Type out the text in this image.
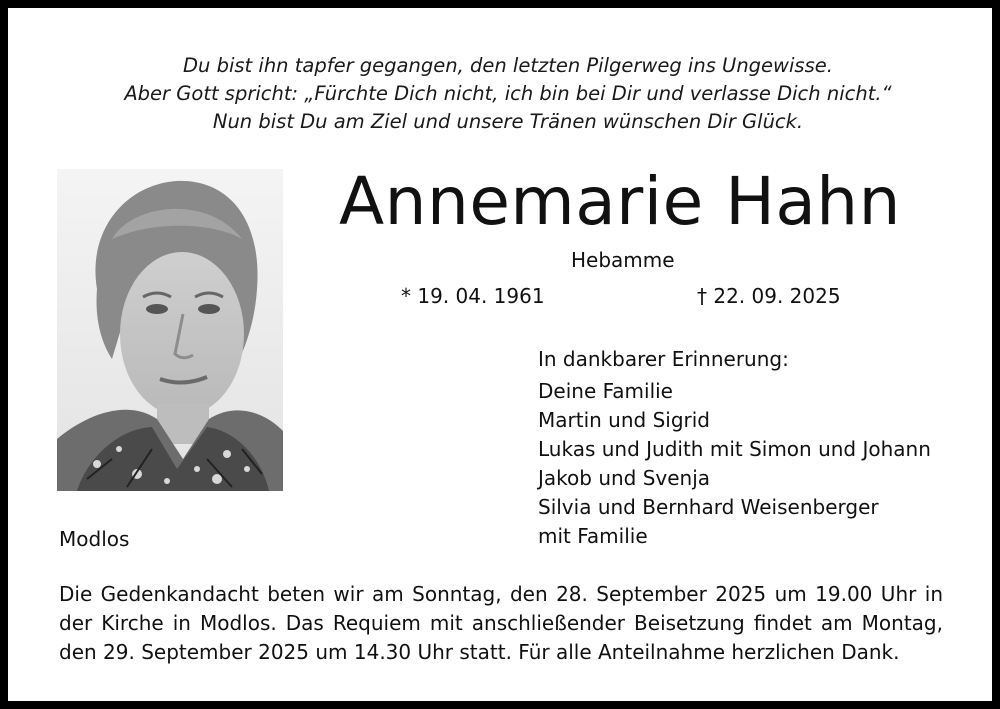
Du bist ihn tapfer gegangen, den letzten Pilgerweg ins Ungewisse.
Aber Gott spricht: „Fürchte Dich nicht, ich bin bei Dir und verlasse Dich nicht.“
Nun bist Du am Ziel und unsere Tränen wünschen Dir Glück.
Annemarie Hahn
Hebamme
* 19. 04. 1961	† 22. 09. 2025
In dankbarer Erinnerung:
Deine Familie
Martin und Sigrid
Lukas und Judith mit Simon und Johann
Jakob und Svenja
Silvia und Bernhard Weisenberger
mit Familie
Modlos
Die Gedenkandacht beten wir am Sonntag, den 28. September 2025 um 19.00 Uhr in der Kirche in Modlos. Das Requiem mit anschließender Beisetzung findet am Montag, den 29. September 2025 um 14.30 Uhr statt. Für alle Anteilnahme herzlichen Dank.
